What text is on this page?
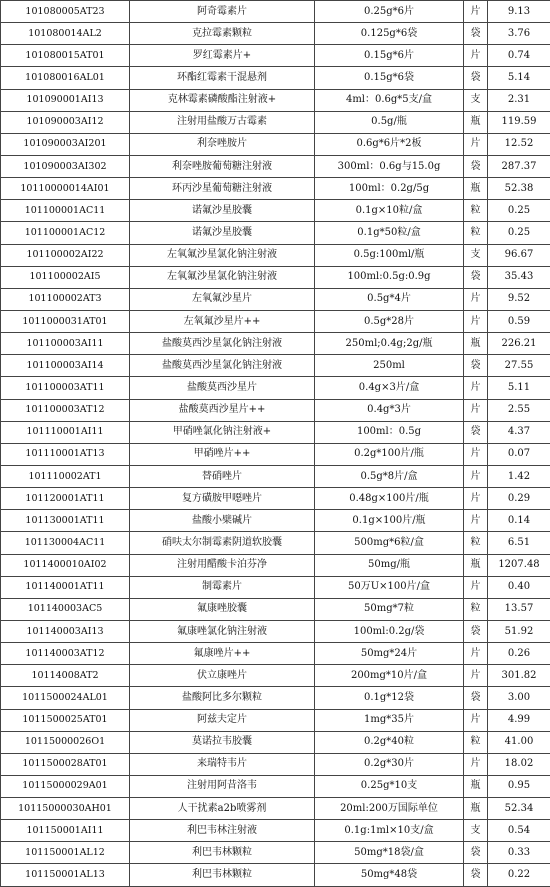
101080005AT23	阿奇霉素片	0.25g*6片	片	9.13
101080014AL2	克拉霉素颗粒	0.125g*6袋	袋	3.76
101080015AT01	罗红霉素片+	0.15g*6片	片	0.74
101080016AL01	环酯红霉素干混悬剂	0.15g*6袋	袋	5.14
101090001AI13	克林霉素磷酸酯注射液+	4ml：0.6g*5支/盒	支	2.31
101090003AI12	注射用盐酸万古霉素	0.5g/瓶	瓶	119.59
101090003AI201	利奈唑胺片	0.6g*6片*2板	片	12.52
101090003AI302	利奈唑胺葡萄糖注射液	300ml：0.6g与15.0g	袋	287.37
10110000014AI01	环丙沙星葡萄糖注射液	100ml：0.2g/5g	瓶	52.38
101100001AC11	诺氟沙星胶囊	0.1g×10粒/盒	粒	0.25
101100001AC12	诺氟沙星胶囊	0.1g*50粒/盒	粒	0.25
101100002AI22	左氧氟沙星氯化钠注射液	0.5g:100ml/瓶	支	96.67
101100002AI5	左氧氟沙星氯化钠注射液	100ml:0.5g:0.9g	袋	35.43
101100002AT3	左氧氟沙星片	0.5g*4片	片	9.52
1011000031AT01	左氧氟沙星片++	0.5g*28片	片	0.59
101100003AI11	盐酸莫西沙星氯化钠注射液	250ml;0.4g;2g/瓶	瓶	226.21
101100003AI14	盐酸莫西沙星氯化钠注射液	250ml	袋	27.55
101100003AT11	盐酸莫西沙星片	0.4g×3片/盒	片	5.11
101100003AT12	盐酸莫西沙星片++	0.4g*3片	片	2.55
101110001AI11	甲硝唑氯化钠注射液+	100ml：0.5g	袋	4.37
101110001AT13	甲硝唑片++	0.2g*100片/瓶	片	0.07
101110002AT1	替硝唑片	0.5g*8片/盒	片	1.42
101120001AT11	复方磺胺甲噁唑片	0.48g×100片/瓶	片	0.29
101130001AT11	盐酸小檗碱片	0.1g×100片/瓶	片	0.14
101130004AC11	硝呋太尔制霉素阴道软胶囊	500mg*6粒/盒	粒	6.51
1011400010AI02	注射用醋酸卡泊芬净	50mg/瓶	瓶	1207.48
101140001AT11	制霉素片	50万U×100片/盒	片	0.40
101140003AC5	氟康唑胶囊	50mg*7粒	粒	13.57
101140003AI13	氟康唑氯化钠注射液	100ml:0.2g/袋	袋	51.92
101140003AT12	氟康唑片++	50mg*24片	片	0.26
10114008AT2	伏立康唑片	200mg*10片/盒	片	301.82
1011500024AL01	盐酸阿比多尔颗粒	0.1g*12袋	袋	3.00
1011500025AT01	阿兹夫定片	1mg*35片	片	4.99
10115000026O1	莫诺拉韦胶囊	0.2g*40粒	粒	41.00
1011500028AT01	来瑞特韦片	0.2g*30片	片	18.02
10115000029A01	注射用阿昔洛韦	0.25g*10支	瓶	0.95
10115000030AH01	人干扰素a2b喷雾剂	20ml:200万国际单位	瓶	52.34
101150001AI11	利巴韦林注射液	0.1g:1ml×10支/盒	支	0.54
101150001AL12	利巴韦林颗粒	50mg*18袋/盒	袋	0.33
101150001AL13	利巴韦林颗粒	50mg*48袋	袋	0.22
